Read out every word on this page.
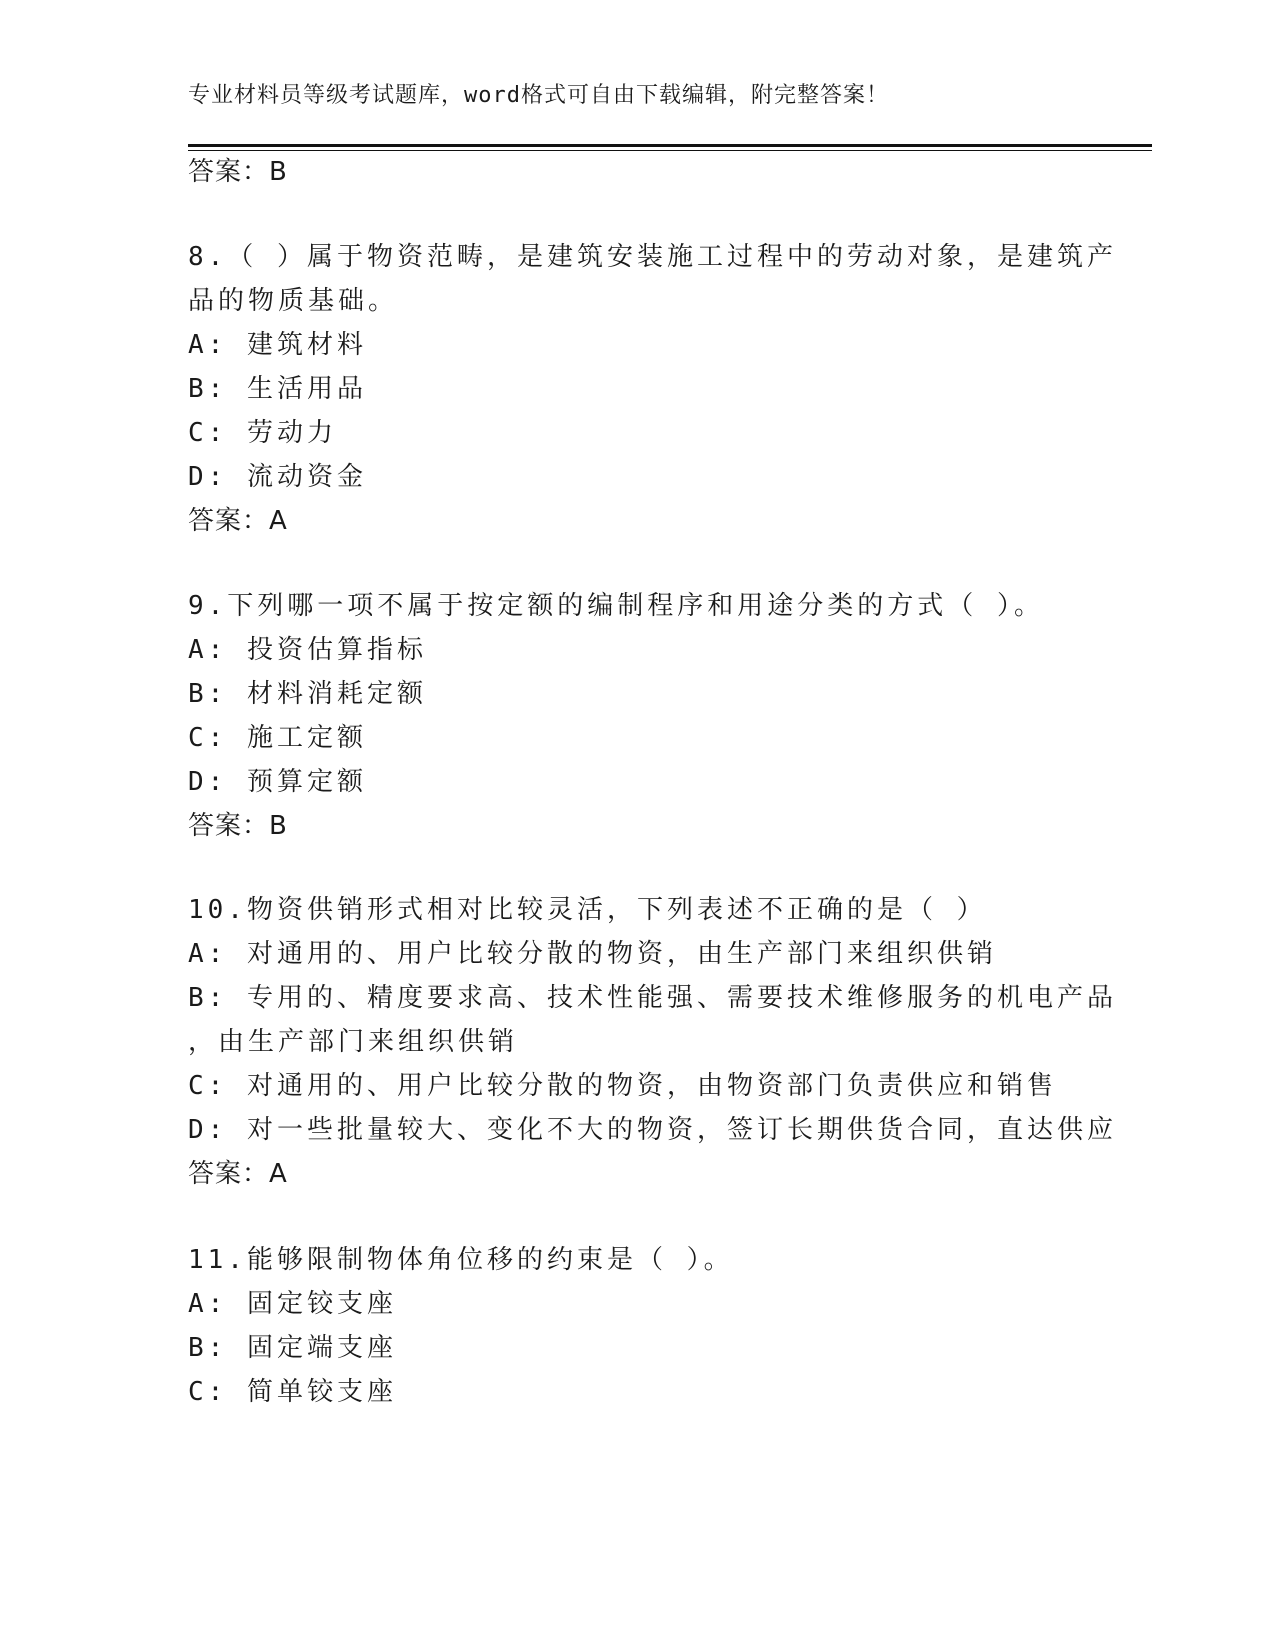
专业材料员等级考试题库，word格式可自由下载编辑，附完整答案！
答案：B
8.（ ）属于物资范畴，是建筑安装施工过程中的劳动对象，是建筑产
品的物质基础。
A: 建筑材料
B: 生活用品
C: 劳动力
D: 流动资金
答案：A
9.下列哪一项不属于按定额的编制程序和用途分类的方式（ ）。
A: 投资估算指标
B: 材料消耗定额
C: 施工定额
D: 预算定额
答案：B
10.物资供销形式相对比较灵活，下列表述不正确的是（ ）
A: 对通用的、用户比较分散的物资，由生产部门来组织供销
B: 专用的、精度要求高、技术性能强、需要技术维修服务的机电产品
，由生产部门来组织供销
C: 对通用的、用户比较分散的物资，由物资部门负责供应和销售
D: 对一些批量较大、变化不大的物资，签订长期供货合同，直达供应
答案：A
11.能够限制物体角位移的约束是（ ）。
A: 固定铰支座
B: 固定端支座
C: 简单铰支座
